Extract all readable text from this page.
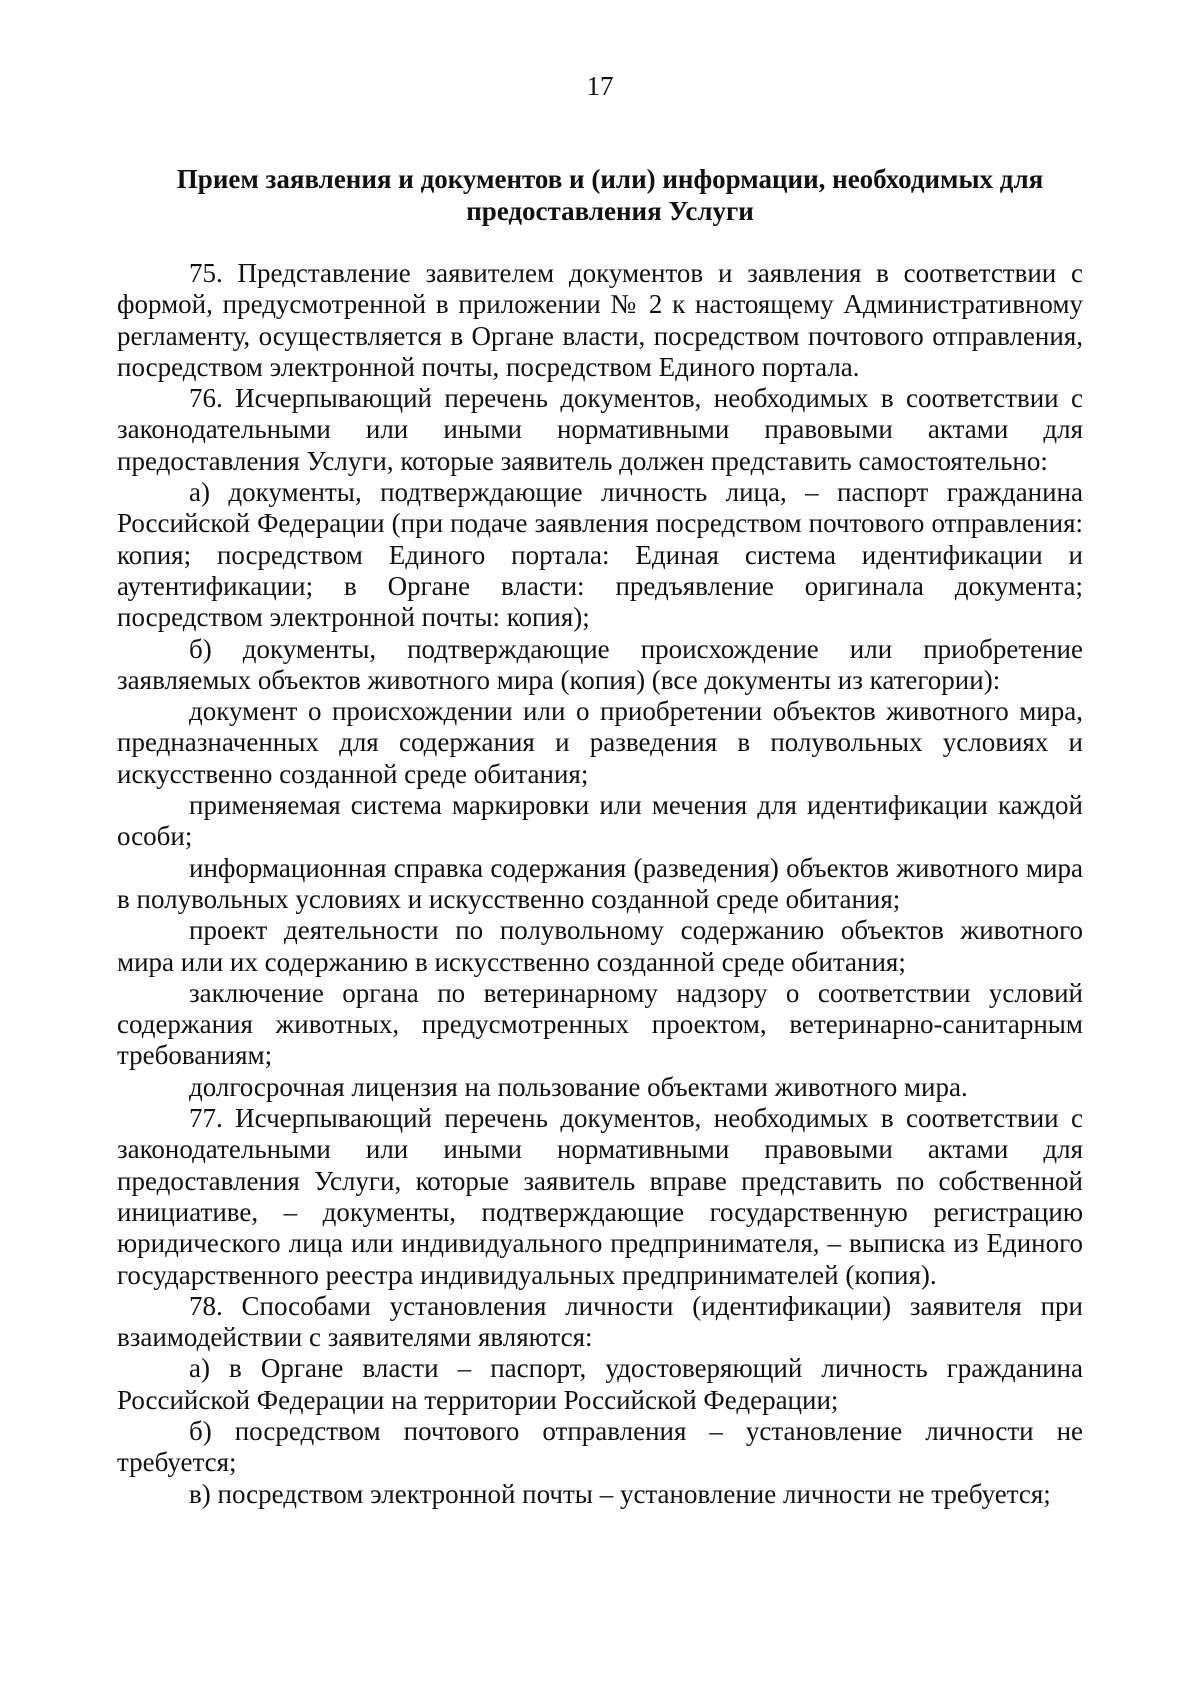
17
Прием заявления и документов и (или) информации, необходимых для предоставления Услуги

75. Представление заявителем документов и заявления в соответствии с формой, предусмотренной в приложении № 2 к настоящему Административному регламенту, осуществляется в Органе власти, посредством почтового отправления, посредством электронной почты, посредством Единого портала.

76. Исчерпывающий перечень документов, необходимых в соответствии с законодательными или иными нормативными правовыми актами для предоставления Услуги, которые заявитель должен представить самостоятельно:

а) документы, подтверждающие личность лица, – паспорт гражданина Российской Федерации (при подаче заявления посредством почтового отправления: копия; посредством Единого портала: Единая система идентификации и аутентификации; в Органе власти: предъявление оригинала документа; посредством электронной почты: копия);

б) документы, подтверждающие происхождение или приобретение заявляемых объектов животного мира (копия) (все документы из категории):

документ о происхождении или о приобретении объектов животного мира, предназначенных для содержания и разведения в полувольных условиях и искусственно созданной среде обитания;

применяемая система маркировки или мечения для идентификации каждой особи;

информационная справка содержания (разведения) объектов животного мира в полувольных условиях и искусственно созданной среде обитания;

проект деятельности по полувольному содержанию объектов животного мира или их содержанию в искусственно созданной среде обитания;

заключение органа по ветеринарному надзору о соответствии условий содержания животных, предусмотренных проектом, ветеринарно-санитарным требованиям;

долгосрочная лицензия на пользование объектами животного мира.

77. Исчерпывающий перечень документов, необходимых в соответствии с законодательными или иными нормативными правовыми актами для предоставления Услуги, которые заявитель вправе представить по собственной инициативе, – документы, подтверждающие государственную регистрацию юридического лица или индивидуального предпринимателя, – выписка из Единого государственного реестра индивидуальных предпринимателей (копия).

78. Способами установления личности (идентификации) заявителя при взаимодействии с заявителями являются:

а) в Органе власти – паспорт, удостоверяющий личность гражданина Российской Федерации на территории Российской Федерации;

б) посредством почтового отправления – установление личности не требуется;

в) посредством электронной почты – установление личности не требуется;
